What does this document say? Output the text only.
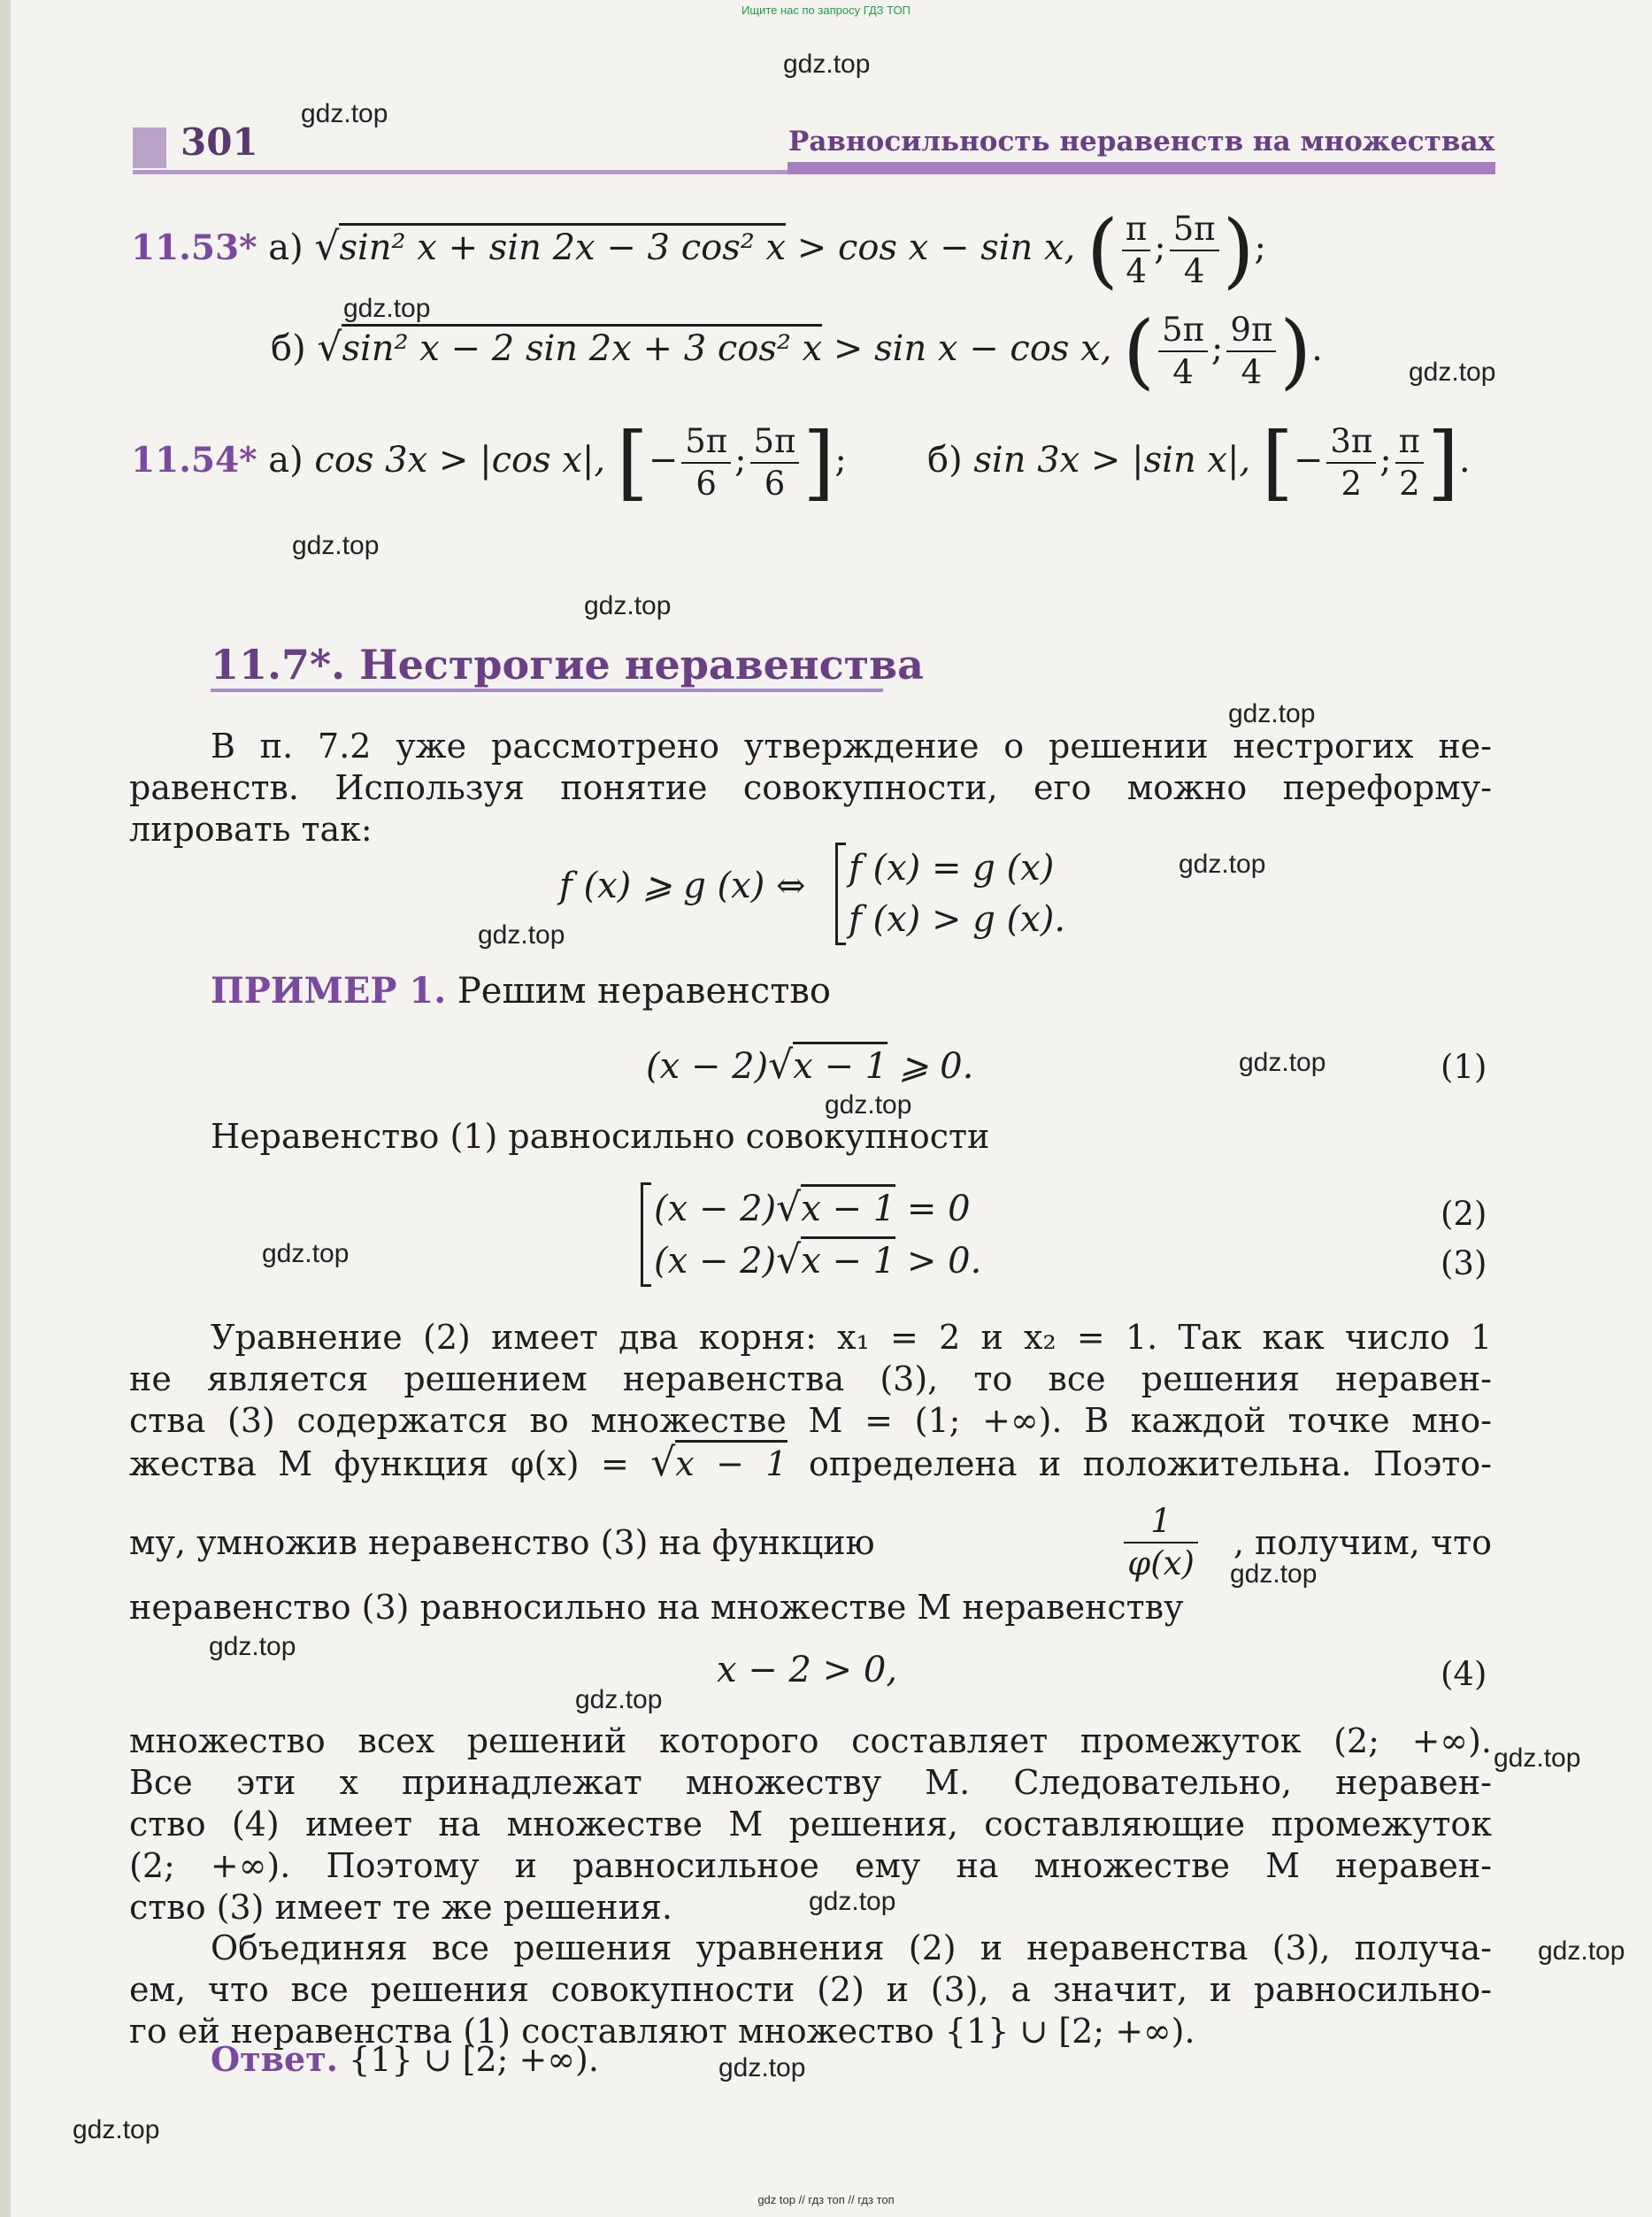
Ищите нас по запросу ГДЗ ТОП
gdz.top
gdz.top
gdz.top
gdz.top
gdz.top
gdz.top
gdz.top
gdz.top
gdz.top
gdz.top
gdz.top
gdz.top
gdz.top
gdz.top
gdz.top
gdz.top
gdz.top
gdz.top
gdz.top
gdz.top
301	Равносильность неравенств на множествах
11.53* а) √sin² x + sin 2x − 3 cos² x > cos x − sin x, ( $\frac{\pi}{4}$ ; $\frac{5\pi}{4}$ );
б) √sin² x − 2 sin 2x + 3 cos² x > sin x − cos x, ( $\frac{5\pi}{4}$ ; $\frac{9\pi}{4}$ ).
11.54* а) cos 3x > |cos x|, [− $\frac{5\pi}{6}$ ; $\frac{5\pi}{6}$ ]; б) sin 3x > |sin x|, [− $\frac{3\pi}{2}$ ; $\frac{\pi}{2}$ ].
11.7*. Нестрогие неравенства
В п. 7.2 уже рассмотрено утверждение о решении нестрогих не-
равенств. Используя понятие совокупности, его можно переформу-
лировать так:
f (x) ⩾ g (x) ⇔ f (x) = g (x)
f (x) > g (x).
ПРИМЕР 1. Решим неравенство
(x − 2)√x − 1 ⩾ 0.	(1)
Неравенство (1) равносильно совокупности
(x − 2)√x − 1 = 0
(x − 2)√x − 1 > 0.
(2)
(3)
Уравнение (2) имеет два корня: x₁ = 2 и x₂ = 1. Так как число 1
не является решением неравенства (3), то все решения неравен-
ства (3) содержатся во множестве M = (1; +∞). В каждой точке мно-
жества M функция φ(x) = √x − 1 определена и положительна. Поэто-
му, умножив неравенство (3) на функцию	$\frac{1}{\varphi(x)}$ , получим, что
неравенство (3) равносильно на множестве M неравенству
x − 2 > 0,	(4)
множество всех решений которого составляет промежуток (2; +∞).
Все эти x принадлежат множеству M. Следовательно, неравен-
ство (4) имеет на множестве M решения, составляющие промежуток
(2; +∞). Поэтому и равносильное ему на множестве M неравен-
ство (3) имеет те же решения.
Объединяя все решения уравнения (2) и неравенства (3), получа-
ем, что все решения совокупности (2) и (3), а значит, и равносильно-
го ей неравенства (1) составляют множество {1} ∪ [2; +∞).
Ответ. {1} ∪ [2; +∞).
gdz top // гдз топ // гдз топ
